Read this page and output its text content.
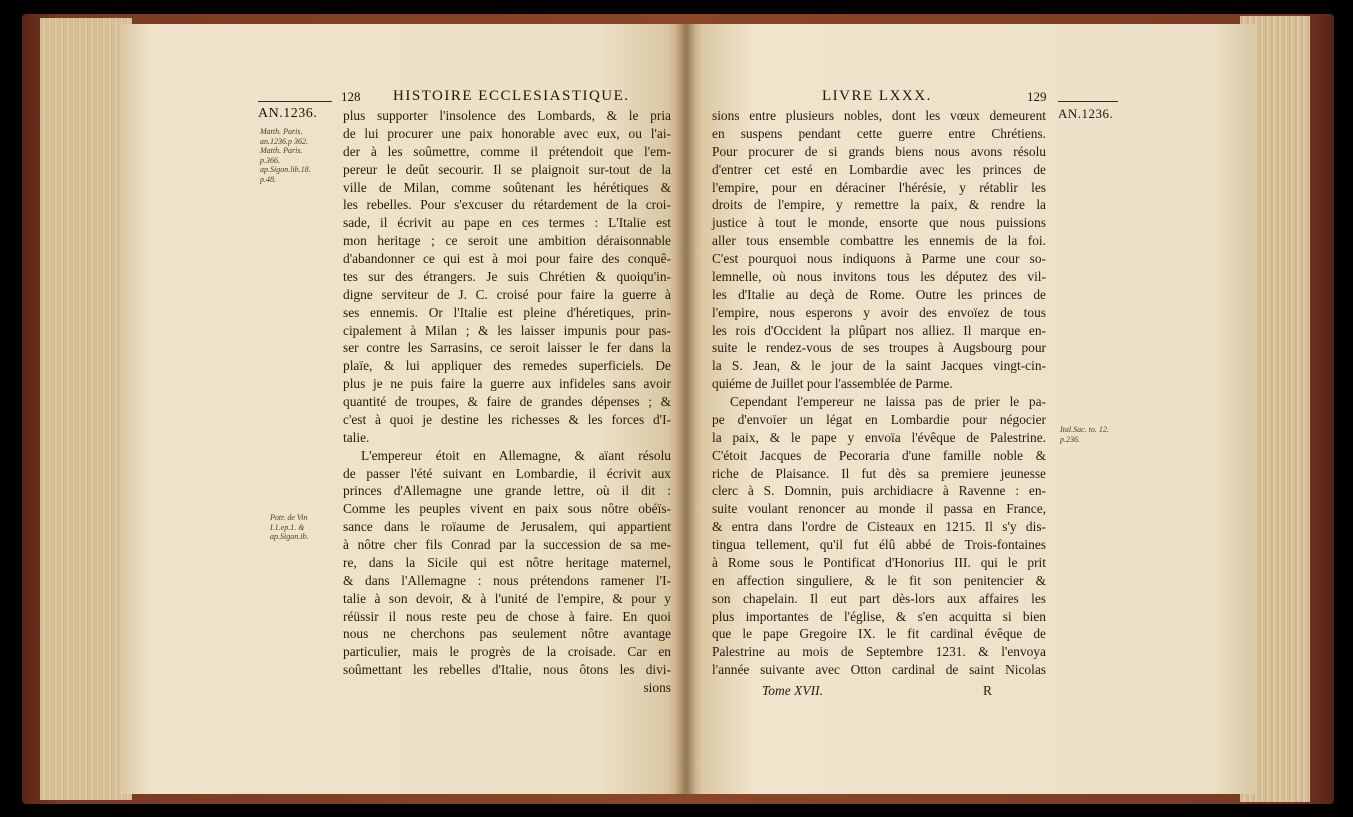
AN.1236.
128 HISTOIRE ECCLESIASTIQUE.
Matth. Paris.
an.1236.p 362.
Matth. Paris.
p.366.
ap.Sigon.lib.18.
p.48.
Potr. de Vin
I.1.ep.1. &
ap.Sigon.ib.
plus supporter l'insolence des Lombards, & le pria
de lui procurer une paix honorable avec eux, ou l'ai-
der à les soûmettre, comme il prétendoit que l'em-
pereur le deût secourir. Il se plaignoit sur-tout de la
ville de Milan, comme soûtenant les hérétiques &
les rebelles. Pour s'excuser du rétardement de la croi-
sade, il écrivit au pape en ces termes : L'Italie est
mon heritage ; ce seroit une ambition déraisonnable
d'abandonner ce qui est à moi pour faire des conquê-
tes sur des étrangers. Je suis Chrétien & quoiqu'in-
digne serviteur de J. C. croisé pour faire la guerre à
ses ennemis. Or l'Italie est pleine d'héretiques, prin-
cipalement à Milan ; & les laisser impunis pour pas-
ser contre les Sarrasins, ce seroit laisser le fer dans la
plaïe, & lui appliquer des remedes superficiels. De
plus je ne puis faire la guerre aux infideles sans avoir
quantité de troupes, & faire de grandes dépenses ; &
c'est à quoi je destine les richesses & les forces d'I-
talie.
L'empereur étoit en Allemagne, & aïant résolu
de passer l'été suivant en Lombardie, il écrivit aux
princes d'Allemagne une grande lettre, où il dit :
Comme les peuples vivent en paix sous nôtre obéïs-
sance dans le roïaume de Jerusalem, qui appartient
à nôtre cher fils Conrad par la succession de sa me-
re, dans la Sicile qui est nôtre heritage maternel,
& dans l'Allemagne : nous prétendons ramener l'I-
talie à son devoir, & à l'unité de l'empire, & pour y
réüssir il nous reste peu de chose à faire. En quoi
nous ne cherchons pas seulement nôtre avantage
particulier, mais le progrès de la croisade. Car en
soûmettant les rebelles d'Italie, nous ôtons les divi-
sions
LIVRE LXXX.	129
AN.1236.
Ital.Sac. to. 12.
p.236.
sions entre plusieurs nobles, dont les vœux demeurent
en suspens pendant cette guerre entre Chrétiens.
Pour procurer de si grands biens nous avons résolu
d'entrer cet esté en Lombardie avec les princes de
l'empire, pour en déraciner l'hérésie, y rétablir les
droits de l'empire, y remettre la paix, & rendre la
justice à tout le monde, ensorte que nous puissions
aller tous ensemble combattre les ennemis de la foi.
C'est pourquoi nous indiquons à Parme une cour so-
lemnelle, où nous invitons tous les députez des vil-
les d'Italie au deçà de Rome. Outre les princes de
l'empire, nous esperons y avoir des envoïez de tous
les rois d'Occident la plûpart nos alliez. Il marque en-
suite le rendez-vous de ses troupes à Augsbourg pour
la S. Jean, & le jour de la saint Jacques vingt-cin-
quiéme de Juillet pour l'assemblée de Parme.
Cependant l'empereur ne laissa pas de prier le pa-
pe d'envoïer un légat en Lombardie pour négocier
la paix, & le pape y envoïa l'évêque de Palestrine.
C'étoit Jacques de Pecoraria d'une famille noble &
riche de Plaisance. Il fut dès sa premiere jeunesse
clerc à S. Domnin, puis archidiacre à Ravenne : en-
suite voulant renoncer au monde il passa en France,
& entra dans l'ordre de Cisteaux en 1215. Il s'y dis-
tingua tellement, qu'il fut élû abbé de Trois-fontaines
à Rome sous le Pontificat d'Honorius III. qui le prit
en affection singuliere, & le fit son penitencier &
son chapelain. Il eut part dès-lors aux affaires les
plus importantes de l'église, & s'en acquitta si bien
que le pape Gregoire IX. le fit cardinal évêque de
Palestrine au mois de Septembre 1231. & l'envoya
l'année suivante avec Otton cardinal de saint Nicolas
Tome XVII.	R
